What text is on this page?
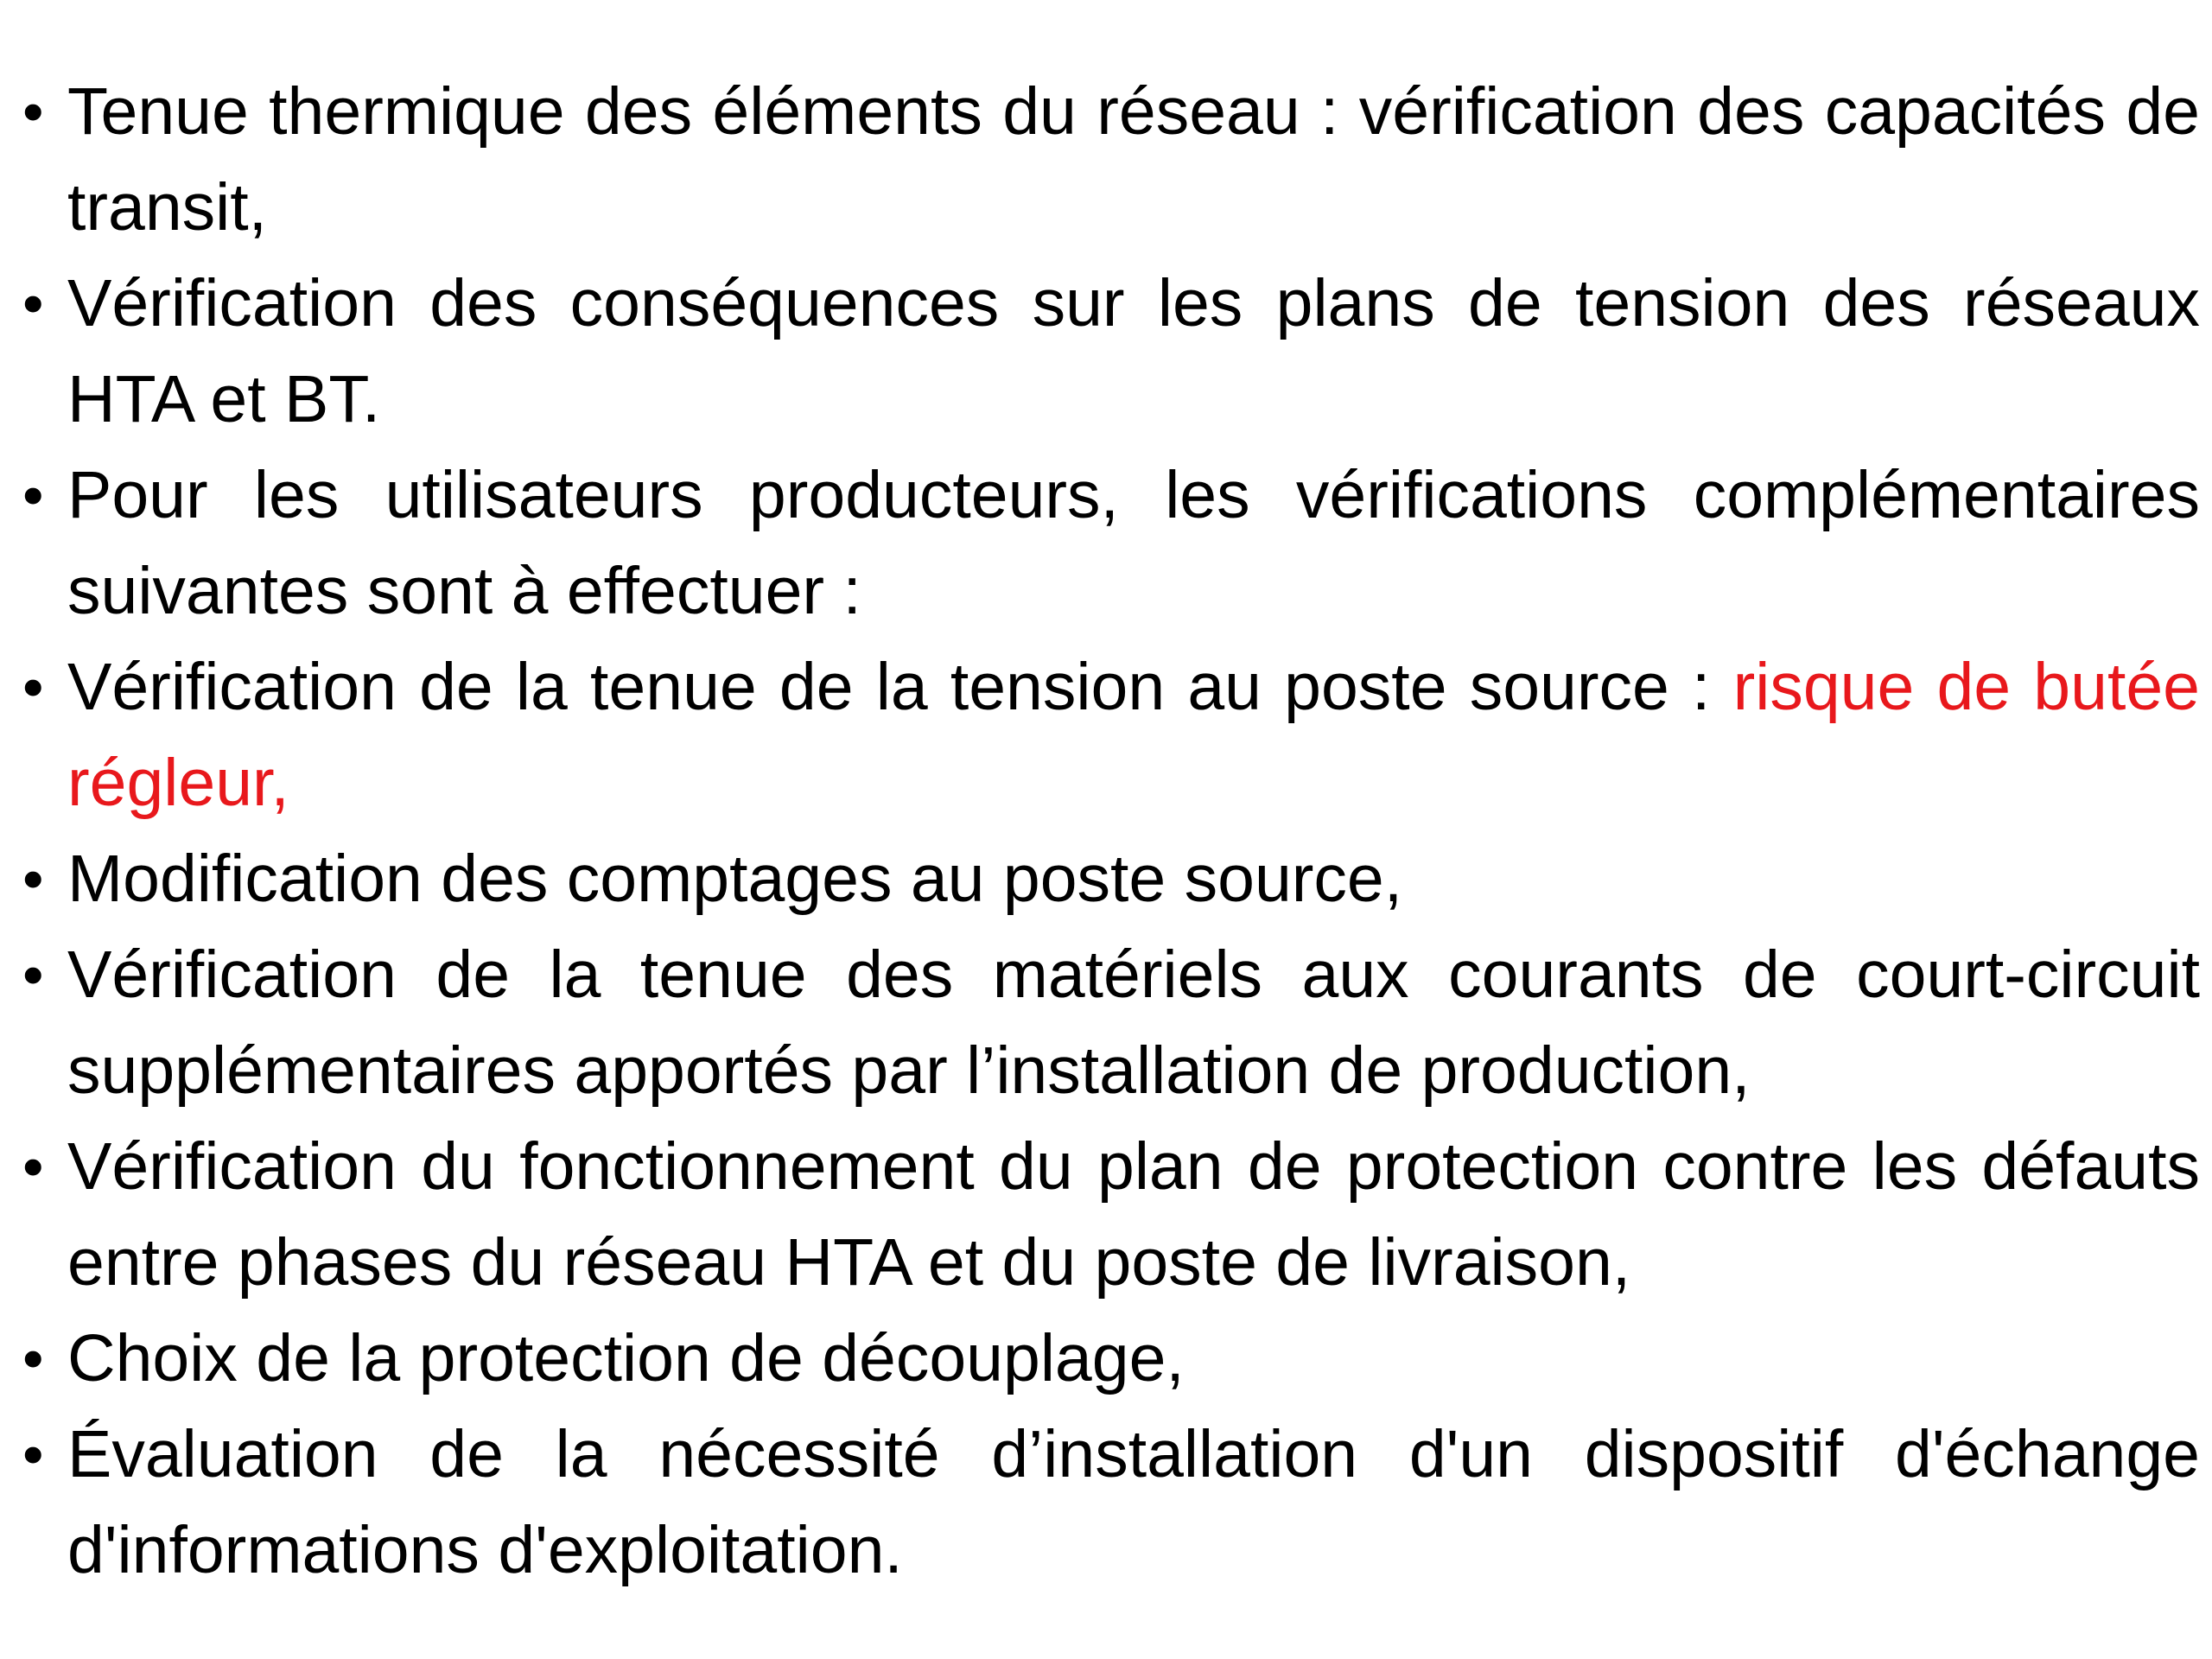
• Tenue thermique des éléments du réseau : vérification des capacités de transit,
• Vérification des conséquences sur les plans de tension des réseaux HTA et BT.
• Pour les utilisateurs producteurs, les vérifications complémentaires suivantes sont à effectuer :
• Vérification de la tenue de la tension au poste source : risque de butée régleur,
• Modification des comptages au poste source,
• Vérification de la tenue des matériels aux courants de court-circuit supplémentaires apportés par l’installation de production,
• Vérification du fonctionnement du plan de protection contre les défauts entre phases du réseau HTA et du poste de livraison,
• Choix de la protection de découplage,
• Évaluation de la nécessité d’installation d'un dispositif d'échange d'informations d'exploitation.
